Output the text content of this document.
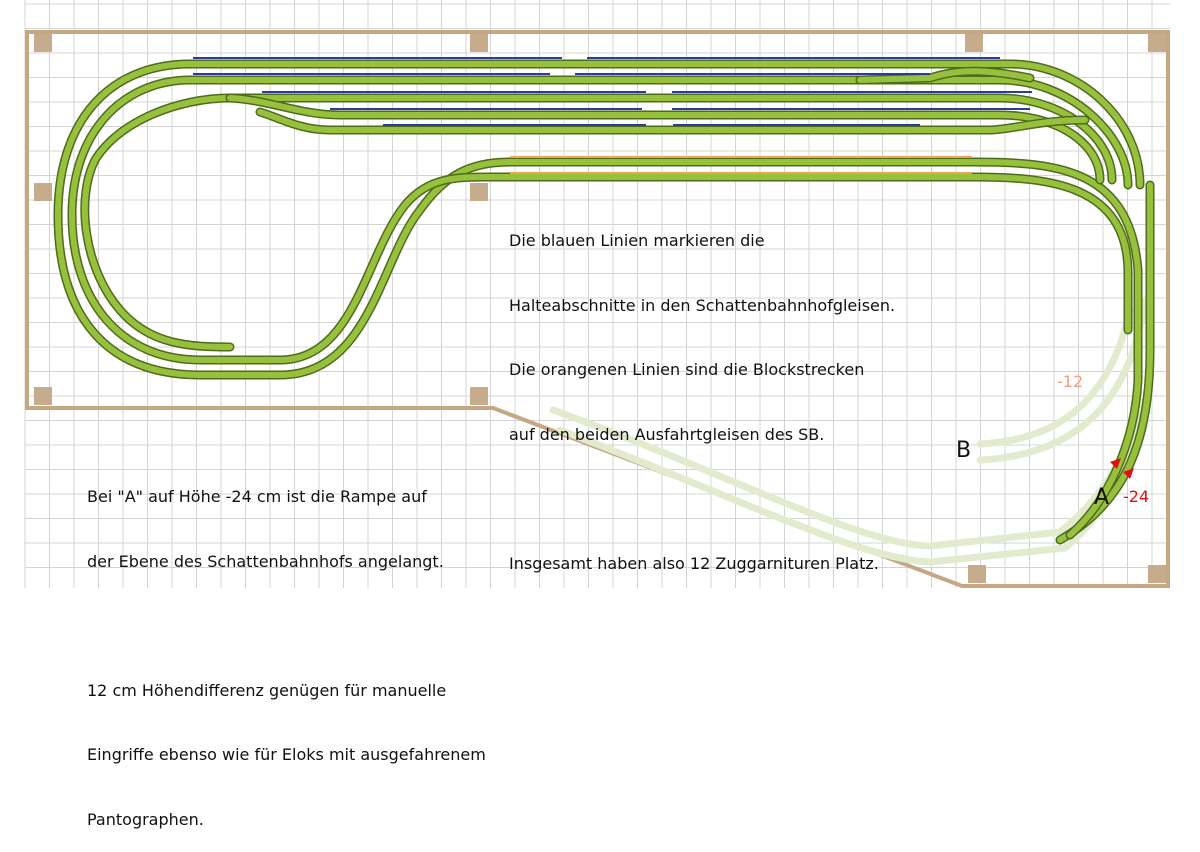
Die blauen Linien markieren die

Halteabschnitte in den Schattenbahnhofgleisen.

Die orangenen Linien sind die Blockstrecken

auf den beiden Ausfahrtgleisen des SB.

Insgesamt haben also 12 Zuggarnituren Platz.

Bei "A" auf Höhe -24 cm ist die Rampe auf

der Ebene des Schattenbahnhofs angelangt.

12 cm Höhendifferenz genügen für manuelle

Eingriffe ebenso wie für Eloks mit ausgefahrenem

Pantographen.

B
A
-12
-24
